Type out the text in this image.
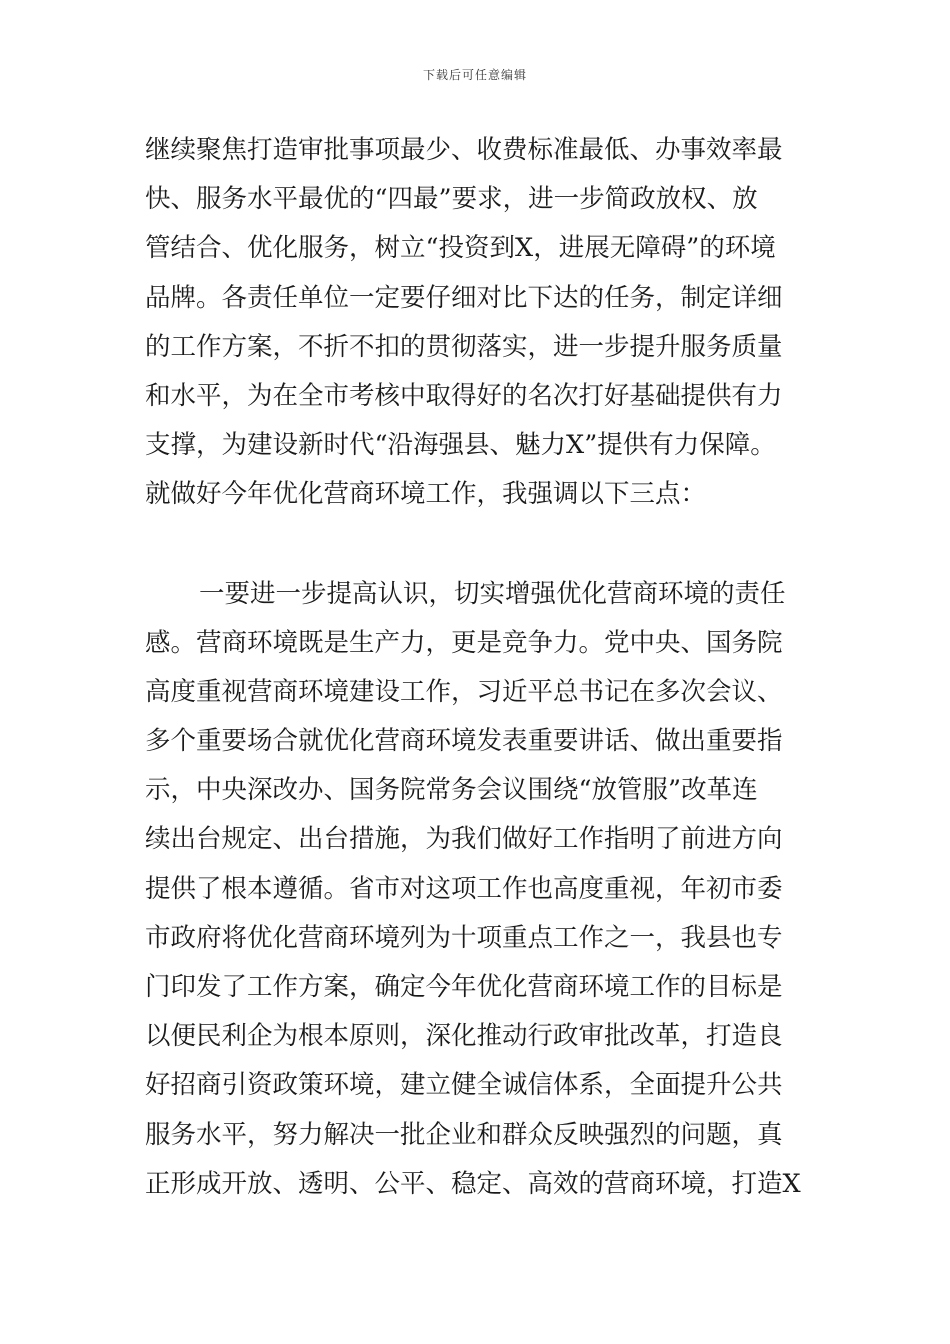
下载后可任意编辑
继续聚焦打造审批事项最少、收费标准最低、办事效率最
快、服务水平最优的“四最”要求，进一步简政放权、放
管结合、优化服务，树立“投资到X，进展无障碍”的环境
品牌。各责任单位一定要仔细对比下达的任务，制定详细
的工作方案，不折不扣的贯彻落实，进一步提升服务质量
和水平，为在全市考核中取得好的名次打好基础提供有力
支撑，为建设新时代“沿海强县、魅力X”提供有力保障。
就做好今年优化营商环境工作，我强调以下三点：
一要进一步提高认识，切实增强优化营商环境的责任
感。营商环境既是生产力，更是竞争力。党中央、国务院
高度重视营商环境建设工作，习近平总书记在多次会议、
多个重要场合就优化营商环境发表重要讲话、做出重要指
示，中央深改办、国务院常务会议围绕“放管服”改革连
续出台规定、出台措施，为我们做好工作指明了前进方向
提供了根本遵循。省市对这项工作也高度重视，年初市委
市政府将优化营商环境列为十项重点工作之一，我县也专
门印发了工作方案，确定今年优化营商环境工作的目标是
以便民利企为根本原则，深化推动行政审批改革，打造良
好招商引资政策环境，建立健全诚信体系，全面提升公共
服务水平，努力解决一批企业和群众反映强烈的问题，真
正形成开放、透明、公平、稳定、高效的营商环境，打造X
